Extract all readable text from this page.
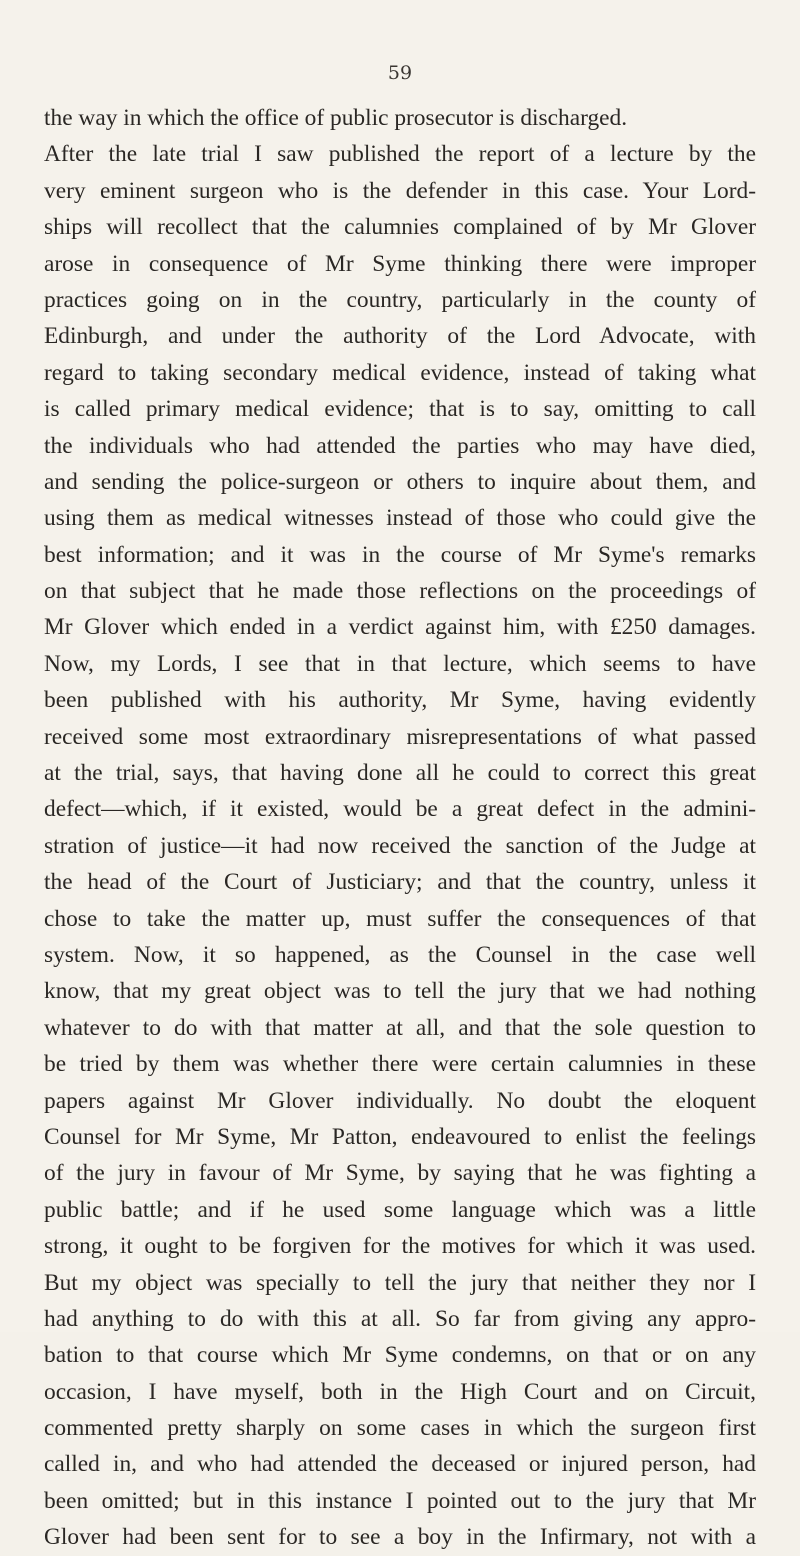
59
the way in which the office of public prosecutor is discharged.
After the late trial I saw published the report of a lecture by the
very eminent surgeon who is the defender in this case. Your Lord-
ships will recollect that the calumnies complained of by Mr Glover
arose in consequence of Mr Syme thinking there were improper
practices going on in the country, particularly in the county of
Edinburgh, and under the authority of the Lord Advocate, with
regard to taking secondary medical evidence, instead of taking what
is called primary medical evidence; that is to say, omitting to call
the individuals who had attended the parties who may have died,
and sending the police-surgeon or others to inquire about them, and
using them as medical witnesses instead of those who could give the
best information; and it was in the course of Mr Syme's remarks
on that subject that he made those reflections on the proceedings of
Mr Glover which ended in a verdict against him, with £250 damages.
Now, my Lords, I see that in that lecture, which seems to have
been published with his authority, Mr Syme, having evidently
received some most extraordinary misrepresentations of what passed
at the trial, says, that having done all he could to correct this great
defect—which, if it existed, would be a great defect in the admini-
stration of justice—it had now received the sanction of the Judge at
the head of the Court of Justiciary; and that the country, unless it
chose to take the matter up, must suffer the consequences of that
system. Now, it so happened, as the Counsel in the case well
know, that my great object was to tell the jury that we had nothing
whatever to do with that matter at all, and that the sole question to
be tried by them was whether there were certain calumnies in these
papers against Mr Glover individually. No doubt the eloquent
Counsel for Mr Syme, Mr Patton, endeavoured to enlist the feelings
of the jury in favour of Mr Syme, by saying that he was fighting a
public battle; and if he used some language which was a little
strong, it ought to be forgiven for the motives for which it was used.
But my object was specially to tell the jury that neither they nor I
had anything to do with this at all. So far from giving any appro-
bation to that course which Mr Syme condemns, on that or on any
occasion, I have myself, both in the High Court and on Circuit,
commented pretty sharply on some cases in which the surgeon first
called in, and who had attended the deceased or injured person, had
been omitted; but in this instance I pointed out to the jury that Mr
Glover had been sent for to see a boy in the Infirmary, not with a
